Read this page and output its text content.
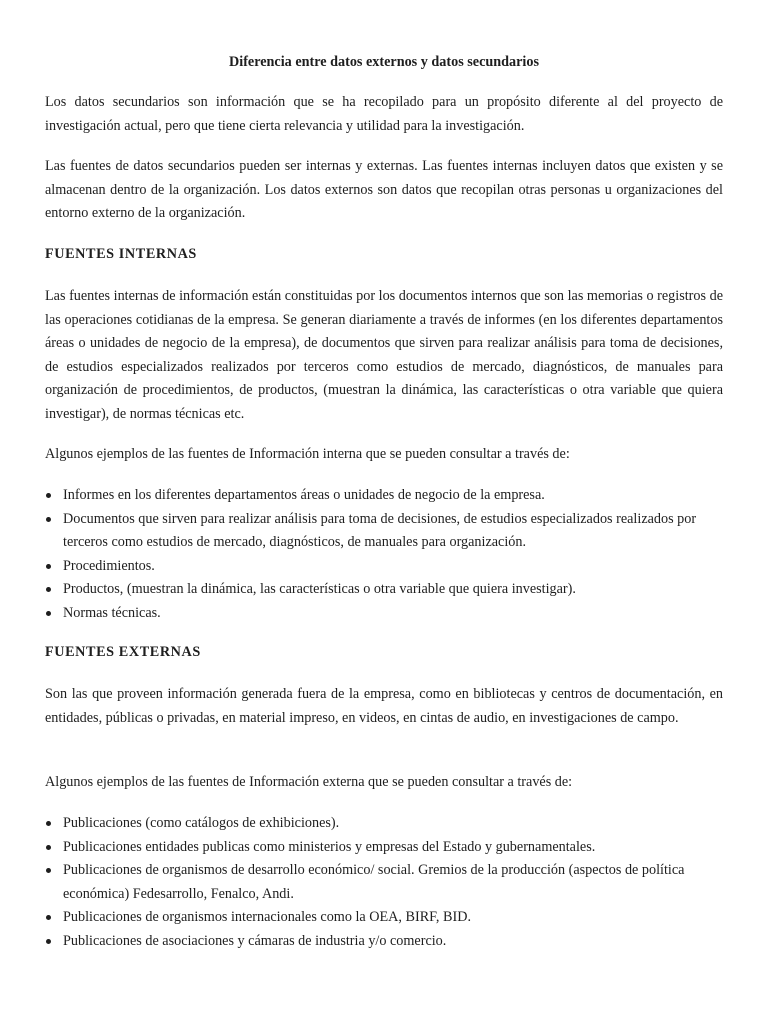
Diferencia entre datos externos y datos secundarios

Los datos secundarios son información que se ha recopilado para un propósito diferente al del proyecto de investigación actual, pero que tiene cierta relevancia y utilidad para la investigación.

Las fuentes de datos secundarios pueden ser internas y externas. Las fuentes internas incluyen datos que existen y se almacenan dentro de la organización. Los datos externos son datos que recopilan otras personas u organizaciones del entorno externo de la organización.

FUENTES INTERNAS

Las fuentes internas de información están constituidas por los documentos internos que son las memorias o registros de las operaciones cotidianas de la empresa. Se generan diariamente a través de informes (en los diferentes departamentos áreas o unidades de negocio de la empresa), de documentos que sirven para realizar análisis para toma de decisiones, de estudios especializados realizados por terceros como estudios de mercado, diagnósticos, de manuales para organización de procedimientos, de productos, (muestran la dinámica, las características o otra variable que quiera investigar), de normas técnicas etc.

Algunos ejemplos de las fuentes de Información interna que se pueden consultar a través de:

Informes en los diferentes departamentos áreas o unidades de negocio de la empresa.
Documentos que sirven para realizar análisis para toma de decisiones, de estudios especializados realizados por terceros como estudios de mercado, diagnósticos, de manuales para organización.
Procedimientos.
Productos, (muestran la dinámica, las características o otra variable que quiera investigar).
Normas técnicas.
FUENTES EXTERNAS

Son las que proveen información generada fuera de la empresa, como en bibliotecas y centros de documentación, en entidades, públicas o privadas, en material impreso, en videos, en cintas de audio, en investigaciones de campo.

Algunos ejemplos de las fuentes de Información externa que se pueden consultar a través de:

Publicaciones (como catálogos de exhibiciones).
Publicaciones entidades publicas como ministerios y empresas del Estado y gubernamentales.
Publicaciones de organismos de desarrollo económico/ social. Gremios de la producción (aspectos de política económica) Fedesarrollo, Fenalco, Andi.
Publicaciones de organismos internacionales como la OEA, BIRF, BID.
Publicaciones de asociaciones y cámaras de industria y/o comercio.
